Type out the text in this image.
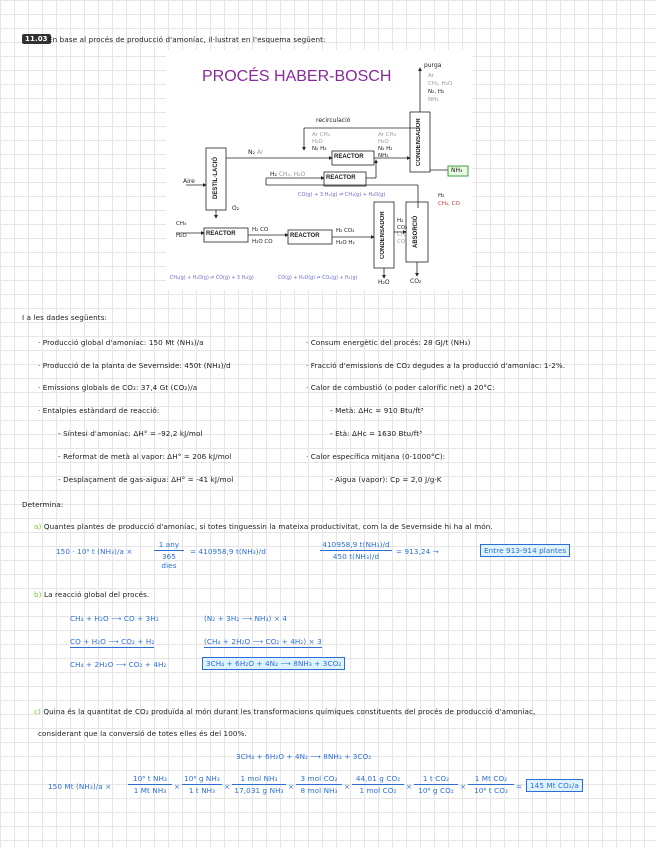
11.03 En base al procés de producció d'amoníac, il·lustrat en l'esquema següent:
PROCÉS HABER-BOSCH
purga
Ar
CH₄, H₂O
N₂, H₂
NH₃
recirculació
Aire	DESTIL·LACIÓ
O₂
N₂ Ar
Ar CH₄
H₂O
N₂ H₂
REACTOR
Ar CH₄
H₂O
N₂ H₂
NH₃	CONDENSADOR
NH₃
H₂ CH₄, H₂O	REACTOR
CO(g) + 3 H₂(g) ⇌ CH₄(g) + H₂O(g)
CH₄
H₂O	REACTOR
H₂ CO
H₂O CO
REACTOR
H₂ CO₂
H₂O H₂	CONDENSADOR H₂
CO₂
CH₄
CO	ABSORCIÓ
H₂
CH₄, CO
CO₂
H₂O
CH₄(g) + H₂O(g) ⇌ CO(g) + 3 H₂(g)	CO(g) + H₂O(g) ⇌ CO₂(g) + H₂(g)
I a les dades següents:
· Producció global d'amoníac: 150 Mt (NH₃)/a
· Producció de la planta de Severnside: 450t (NH₃)/d
· Emissions globals de CO₂: 37,4 Gt (CO₂)/a
· Entalpies estàndard de reacció:
- Síntesi d'amoníac: ΔH° = -92,2 kJ/mol
- Reformat de metà al vapor: ΔH° = 206 kJ/mol
- Desplaçament de gas-aigua: ΔH° = -41 kJ/mol
· Consum energètic del procés: 28 GJ/t (NH₃)
· Fracció d'emissions de CO₂ degudes a la producció d'amoníac: 1-2%.
· Calor de combustió (o poder calorífic net) a 20°C:
- Metà: ΔHc = 910 Btu/ft³
- Età: ΔHc = 1630 Btu/ft³
· Calor específica mitjana (0-1000°C):
- Aigua (vapor): Cp = 2,0 J/g·K
Determina:
a) Quantes plantes de producció d'amoníac, si totes tinguessin la mateixa productivitat, com la de Severnside hi ha al món.
150 · 10⁶ t (NH₃)/a ×
1 any
365 dies
= 410958,9 t(NH₃)/d
410958,9 t(NH₃)/d
450 t(NH₃)/d
= 913,24 →	Entre 913-914 plantes
b) La reacció global del procés.
CH₄ + H₂O ⟶ CO + 3H₂
CO + H₂O ⟶ CO₂ + H₂
CH₄ + 2H₂O ⟶ CO₂ + 4H₂
(N₂ + 3H₂ ⟶ NH₃) × 4
(CH₄ + 2H₂O ⟶ CO₂ + 4H₂) × 3
3CH₄ + 6H₂O + 4N₂ ⟶ 8NH₃ + 3CO₂
c) Quina és la quantitat de CO₂ produïda al món durant les transformacions químiques constituents del procés de producció d'amoníac,
considerant que la conversió de totes elles és del 100%.
3CH₄ + 6H₂O + 4N₂ ⟶ 8NH₃ + 3CO₂
150 Mt (NH₃)/a ×
10⁶ t NH₃
1 Mt NH₃	×
10⁶ g NH₃
1 t NH₃	×
1 mol NH₃
17,031 g NH₃ ×
3 mol CO₂
8 mol NH₃ ×
44,01 g CO₂
1 mol CO₂	×
1 t CO₂
10⁶ g CO₂ ×
1 Mt CO₂
10⁶ t CO₂	=	145 Mt CO₂/a
